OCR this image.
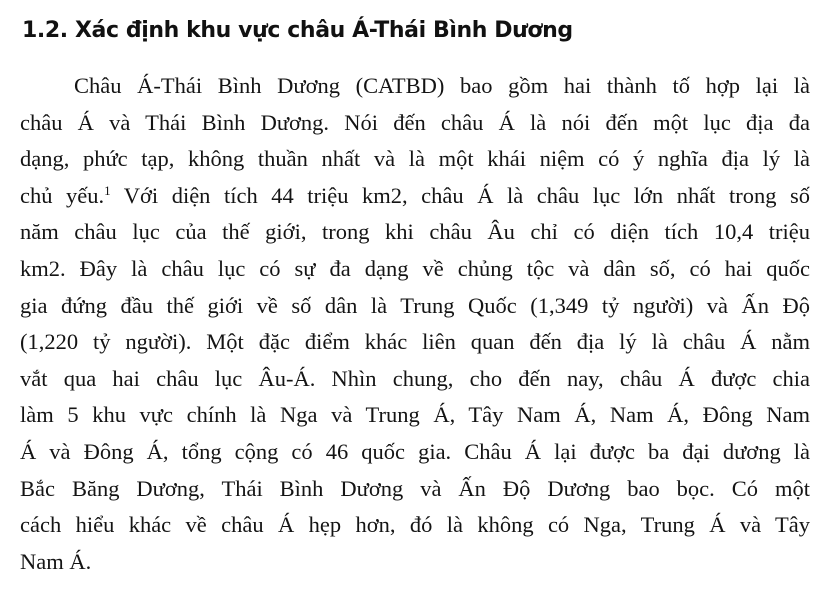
1.2. Xác định khu vực châu Á-Thái Bình Dương
Châu Á-Thái Bình Dương (CATBD) bao gồm hai thành tố hợp lại là
châu Á và Thái Bình Dương. Nói đến châu Á là nói đến một lục địa đa
dạng, phức tạp, không thuần nhất và là một khái niệm có ý nghĩa địa lý là
chủ yếu.$^1$ Với diện tích 44 triệu km2, châu Á là châu lục lớn nhất trong số
năm châu lục của thế giới, trong khi châu Âu chỉ có diện tích 10,4 triệu
km2. Đây là châu lục có sự đa dạng về chủng tộc và dân số, có hai quốc
gia đứng đầu thế giới về số dân là Trung Quốc (1,349 tỷ người) và Ấn Độ
(1,220 tỷ người). Một đặc điểm khác liên quan đến địa lý là châu Á nằm
vắt qua hai châu lục Âu-Á. Nhìn chung, cho đến nay, châu Á được chia
làm 5 khu vực chính là Nga và Trung Á, Tây Nam Á, Nam Á, Đông Nam
Á và Đông Á, tổng cộng có 46 quốc gia. Châu Á lại được ba đại dương là
Bắc Băng Dương, Thái Bình Dương và Ấn Độ Dương bao bọc. Có một
cách hiểu khác về châu Á hẹp hơn, đó là không có Nga, Trung Á và Tây
Nam Á.
